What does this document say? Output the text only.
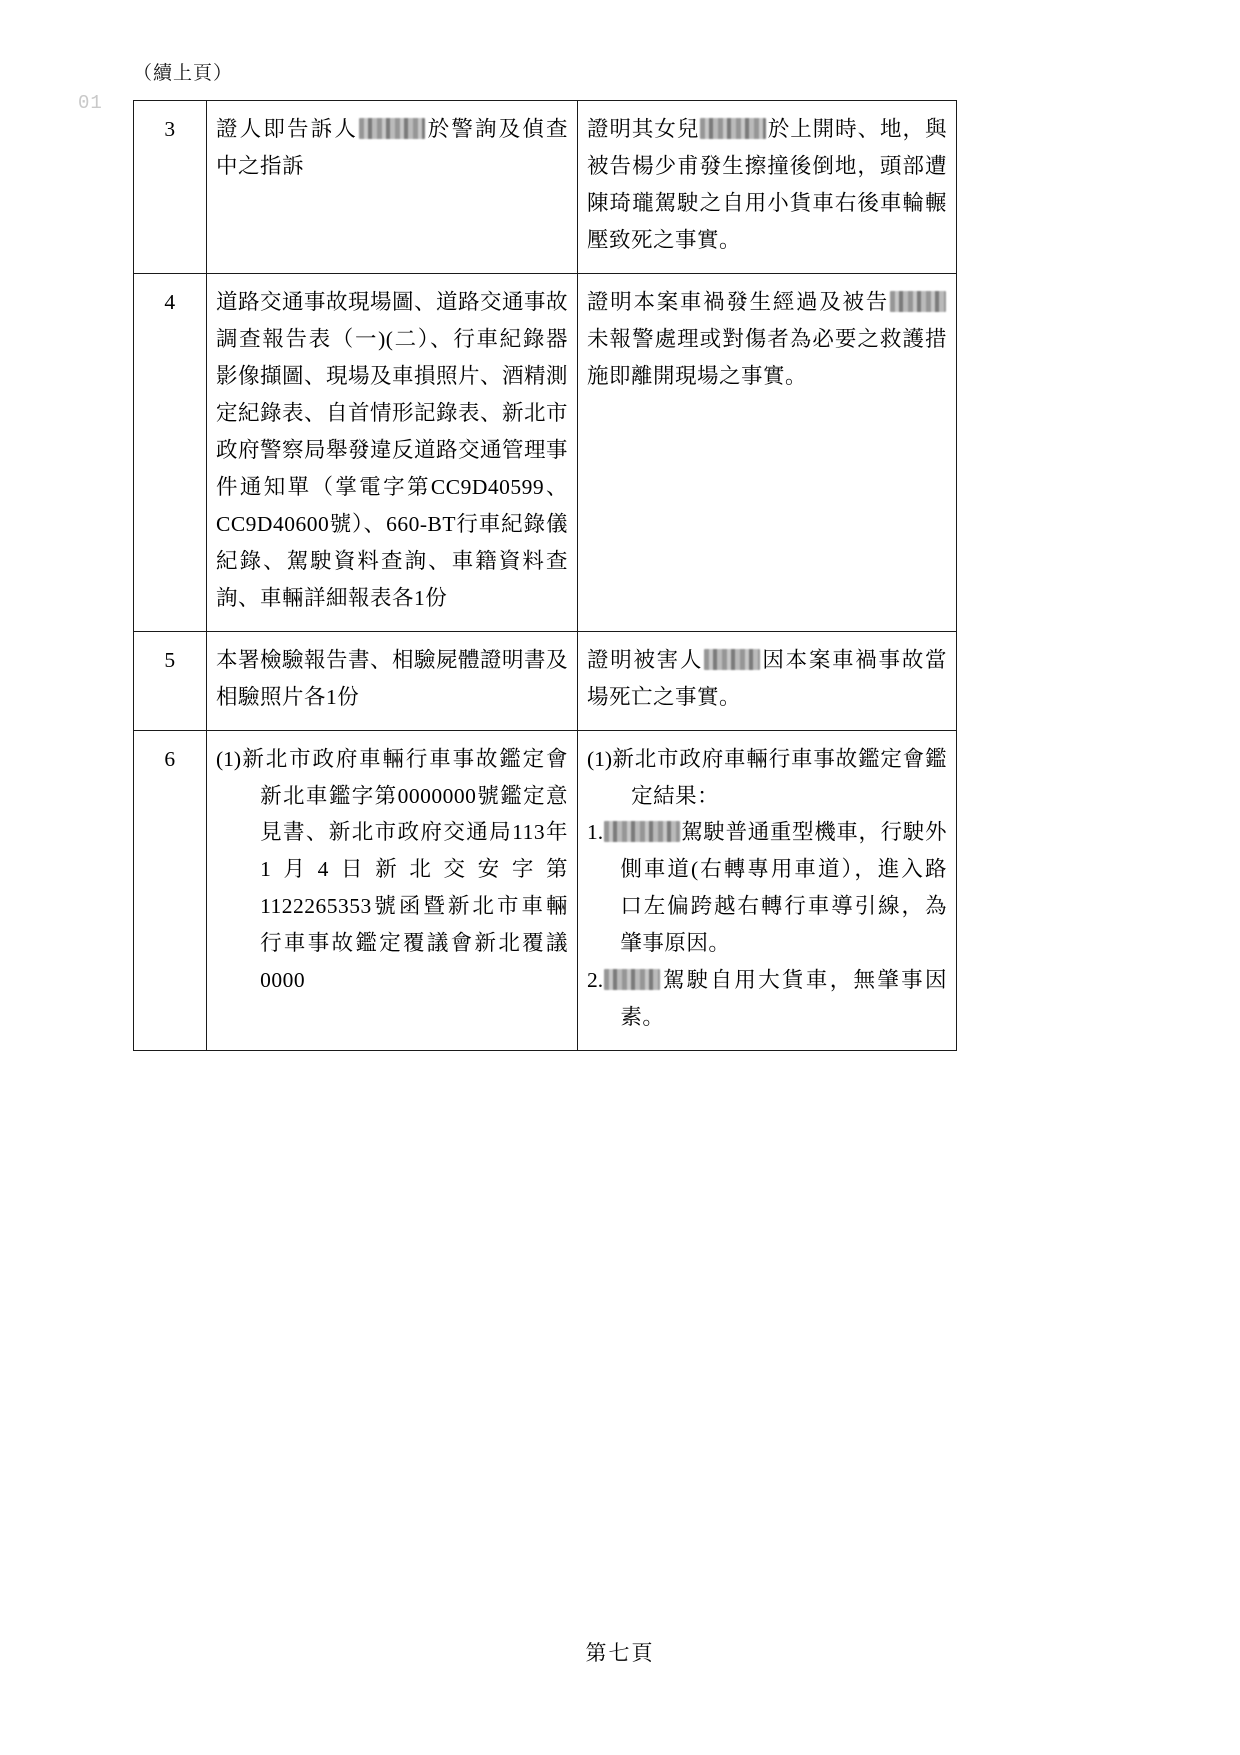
01
（續上頁）
3	證人即告訴人 於警詢及偵查中之指訴	證明其女兒 於上開時、地，與被告楊少甫發生擦撞後倒地，頭部遭陳琦瓏駕駛之自用小貨車右後車輪輾壓致死之事實。
4	道路交通事故現場圖、道路交通事故調查報告表（一)(二）、行車紀錄器影像擷圖、現場及車損照片、酒精測定紀錄表、自首情形記錄表、新北市政府警察局舉發違反道路交通管理事件通知單（掌電字第CC9D40599、CC9D40600號）、660-BT行車紀錄儀紀錄、駕駛資料查詢、車籍資料查詢、車輛詳細報表各1份	證明本案車禍發生經過及被告未報警處理或對傷者為必要之救護措施即離開現場之事實。
5	本署檢驗報告書、相驗屍體證明書及相驗照片各1份	證明被害人 因本案車禍事故當場死亡之事實。
6	(1)新北市政府車輛行車事故鑑定會新北車鑑字第0000000號鑑定意見書、新北市政府交通局113年1月4日新北交安字第1122265353號函暨新北市車輛行車事故鑑定覆議會新北覆議0000	(1)新北市政府車輛行車事故鑑定會鑑定結果：
1. 駕駛普通重型機車，行駛外側車道(右轉專用車道），進入路口左偏跨越右轉行車導引線，為肇事原因。
2. 駕駛自用大貨車，無肇事因素。
第七頁
